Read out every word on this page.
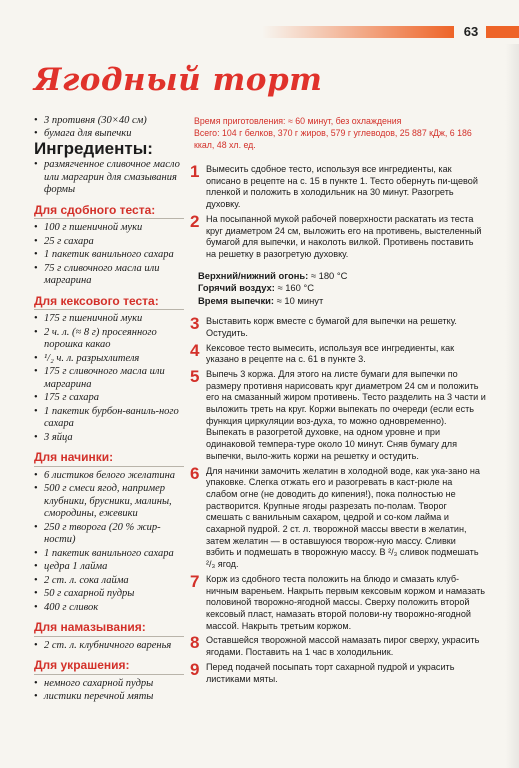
63
Ягодный торт
• 3 противня (30×40 см)
• бумага для выпечки
Ингредиенты:
• размягченное сливочное масло или маргарин для смазывания формы
Для сдобного теста:
• 100 г пшеничной муки
• 25 г сахара
• 1 пакетик ванильного сахара
• 75 г сливочного масла или маргарина
Для кексового теста:
• 175 г пшеничной муки
• 2 ч. л. (≈ 8 г) просеянного порошка какао
• ¹/₂ ч. л. разрыхлителя
• 175 г сливочного масла или маргарина
• 175 г сахара
• 1 пакетик бурбон-ваниль-ного сахара
• 3 яйца
Для начинки:
• 6 листиков белого желатина
• 500 г смеси ягод, например клубники, брусники, малины, смородины, ежевики
• 250 г творога (20 % жир-ности)
• 1 пакетик ванильного сахара
• цедра 1 лайма
• 2 ст. л. сока лайма
• 50 г сахарной пудры
• 400 г сливок
Для намазывания:
• 2 ст. л. клубничного варенья
Для украшения:
• немного сахарной пудры
• листики перечной мяты
Время приготовления: ≈ 60 минут, без охлаждения
Всего: 104 г белков, 370 г жиров, 579 г углеводов, 25 887 кДж, 6 186 ккал, 48 хл. ед.
1 Вымесить сдобное тесто, используя все ингредиенты, как описано в рецепте на с. 15 в пункте 1. Тесто обернуть пи-щевой пленкой и положить в холодильник на 30 минут. Разогреть духовку.
2 На посыпанной мукой рабочей поверхности раскатать из теста круг диаметром 24 см, выложить его на противень, выстеленный бумагой для выпечки, и наколоть вилкой. Противень поставить на решетку в разогретую духовку.
Верхний/нижний огонь: ≈ 180 °С
Горячий воздух: ≈ 160 °С
Время выпечки: ≈ 10 минут
3 Выставить корж вместе с бумагой для выпечки на решетку. Остудить.
4 Кексовое тесто вымесить, используя все ингредиенты, как указано в рецепте на с. 61 в пункте 3.
5 Выпечь 3 коржа. Для этого на листе бумаги для выпечки по размеру противня нарисовать круг диаметром 24 см и положить его на смазанный жиром противень. Тесто разделить на 3 части и выложить треть на круг. Коржи выпекать по очереди (если есть функция циркуляции воз-духа, то можно одновременно). Выпекать в разогретой духовке, на одном уровне и при одинаковой темпера-туре около 10 минут. Сняв бумагу для выпечки, выло-жить коржи на решетку и остудить.
6 Для начинки замочить желатин в холодной воде, как ука-зано на упаковке. Слегка отжать его и разогревать в каст-рюле на слабом огне (не доводить до кипения!), пока полностью не растворится. Крупные ягоды разрезать по-полам. Творог смешать с ванильным сахаром, цедрой и со-ком лайма и сахарной пудрой. 2 ст. л. творожной массы ввести в желатин, затем желатин — в оставшуюся творож-ную массу. Сливки взбить и подмешать в творожную массу. В ²/₃ сливок подмешать ²/₃ ягод.
7 Корж из сдобного теста положить на блюдо и смазать клуб-ничным вареньем. Накрыть первым кексовым коржом и намазать половиной творожно-ягодной массы. Сверху положить второй кексовый пласт, намазать второй полови-ну творожно-ягодной массой. Накрыть третьим коржом.
8 Оставшейся творожной массой намазать пирог сверху, украсить ягодами. Поставить на 1 час в холодильник.
9 Перед подачей посыпать торт сахарной пудрой и украсить листиками мяты.
